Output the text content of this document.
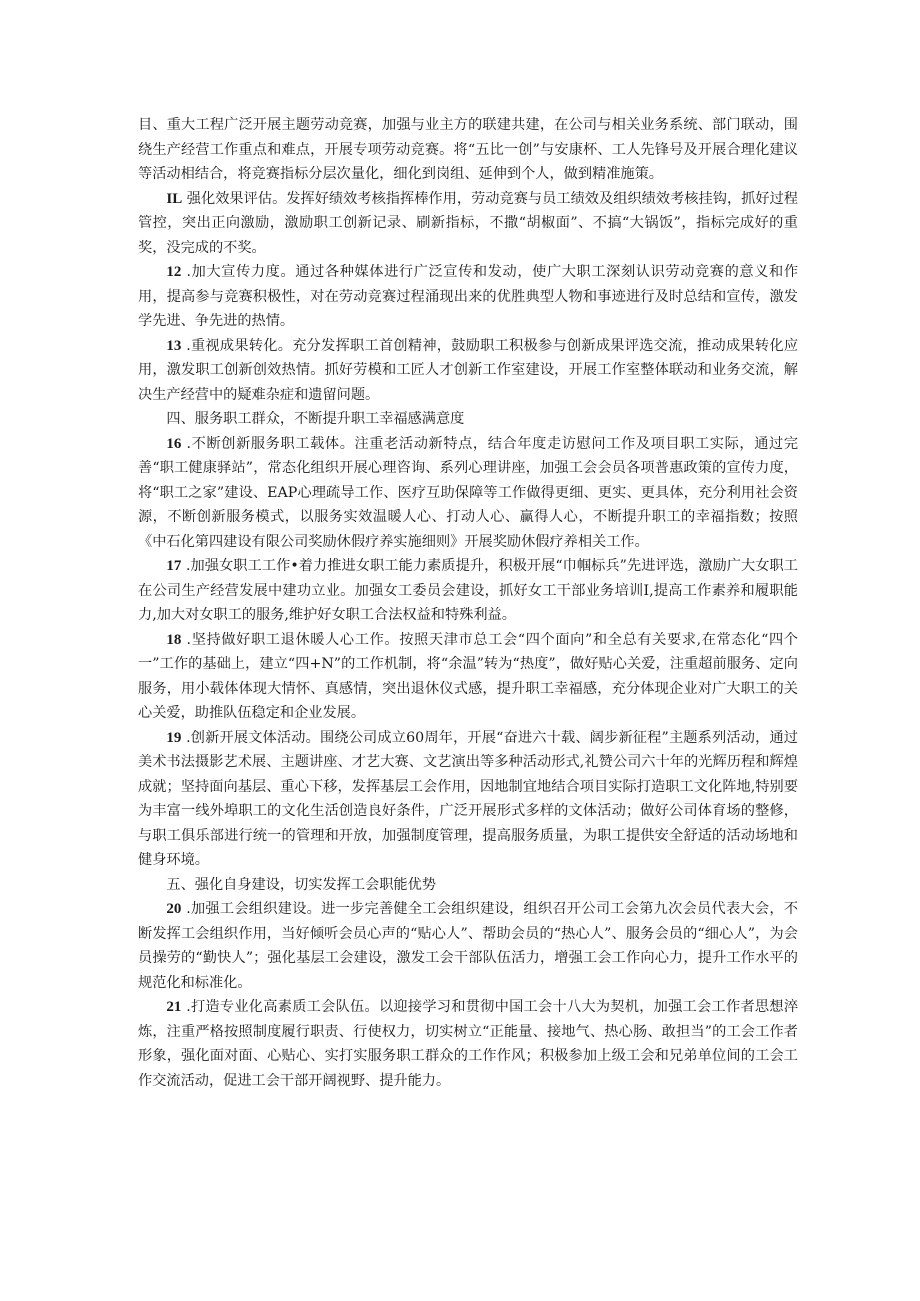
目、重大工程广泛开展主题劳动竞赛，加强与业主方的联建共建，在公司与相关业务系统、部门联动，围绕生产经营工作重点和难点，开展专项劳动竞赛。将“五比一创”与安康杯、工人先锋号及开展合理化建议等活动相结合，将竞赛指标分层次量化，细化到岗组、延伸到个人，做到精准施策。

IL 强化效果评估。发挥好绩效考核指挥棒作用，劳动竞赛与员工绩效及组织绩效考核挂钩，抓好过程管控，突出正向激励，激励职工创新记录、刷新指标，不撒“胡椒面”、不搞“大锅饭”，指标完成好的重奖，没完成的不奖。

12 .加大宣传力度。通过各种媒体进行广泛宣传和发动，使广大职工深刻认识劳动竞赛的意义和作用，提高参与竞赛积极性，对在劳动竞赛过程涌现出来的优胜典型人物和事迹进行及时总结和宣传，激发学先进、争先进的热情。

13 .重视成果转化。充分发挥职工首创精神，鼓励职工积极参与创新成果评选交流，推动成果转化应用，激发职工创新创效热情。抓好劳模和工匠人才创新工作室建设，开展工作室整体联动和业务交流，解决生产经营中的疑难杂症和遗留问题。

四、服务职工群众，不断提升职工幸福感满意度

16 .不断创新服务职工载体。注重老活动新特点，结合年度走访慰问工作及项目职工实际，通过完善“职工健康驿站”，常态化组织开展心理咨询、系列心理讲座，加强工会会员各项普惠政策的宣传力度，将“职工之家”建设、EAP心理疏导工作、医疗互助保障等工作做得更细、更实、更具体，充分利用社会资源，不断创新服务模式，以服务实效温暖人心、打动人心、赢得人心，不断提升职工的幸福指数；按照《中石化第四建设有限公司奖励休假疗养实施细则》开展奖励休假疗养相关工作。

17 .加强女职工工作•着力推进女职工能力素质提升，积极开展“巾帼标兵”先进评选，激励广大女职工在公司生产经营发展中建功立业。加强女工委员会建设，抓好女工干部业务培训I,提高工作素养和履职能力,加大对女职工的服务,维护好女职工合法权益和特殊利益。

18 .坚持做好职工退休暖人心工作。按照天津市总工会“四个面向”和全总有关要求,在常态化“四个一”工作的基础上，建立“四+N”的工作机制，将“余温”转为“热度”，做好贴心关爱，注重超前服务、定向服务，用小载体体现大情怀、真感情，突出退休仪式感，提升职工幸福感，充分体现企业对广大职工的关心关爱，助推队伍稳定和企业发展。

19 .创新开展文体活动。围绕公司成立60周年，开展“奋进六十载、阔步新征程”主题系列活动，通过美术书法摄影艺术展、主题讲座、才艺大赛、文艺演出等多种活动形式,礼赞公司六十年的光辉历程和辉煌成就；坚持面向基层、重心下移，发挥基层工会作用，因地制宜地结合项目实际打造职工文化阵地,特别要为丰富一线外埠职工的文化生活创造良好条件，广泛开展形式多样的文体活动；做好公司体育场的整修，与职工俱乐部进行统一的管理和开放，加强制度管理，提高服务质量，为职工提供安全舒适的活动场地和健身环境。

五、强化自身建设，切实发挥工会职能优势

20 .加强工会组织建设。进一步完善健全工会组织建设，组织召开公司工会第九次会员代表大会，不断发挥工会组织作用，当好倾听会员心声的“贴心人”、帮助会员的“热心人”、服务会员的“细心人”，为会员操劳的“勤快人”；强化基层工会建设，激发工会干部队伍活力，增强工会工作向心力，提升工作水平的规范化和标准化。

21 .打造专业化高素质工会队伍。以迎接学习和贯彻中国工会十八大为契机，加强工会工作者思想淬炼，注重严格按照制度履行职责、行使权力，切实树立“正能量、接地气、热心肠、敢担当”的工会工作者形象，强化面对面、心贴心、实打实服务职工群众的工作作风；积极参加上级工会和兄弟单位间的工会工作交流活动，促进工会干部开阔视野、提升能力。
